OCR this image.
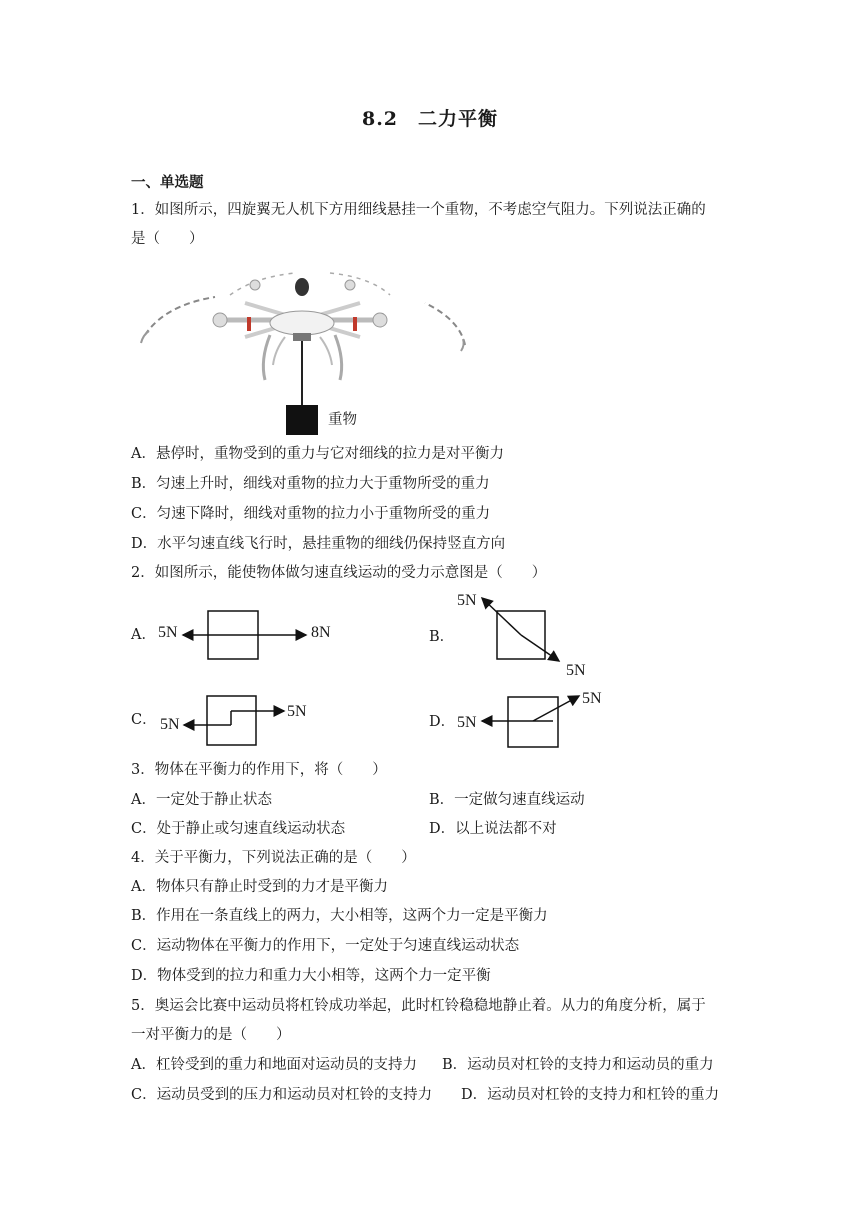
8.2　二力平衡
一、单选题
1．如图所示，四旋翼无人机下方用细线悬挂一个重物，不考虑空气阻力。下列说法正确的
是（　　）
重物
A．悬停时，重物受到的重力与它对细线的拉力是对平衡力
B．匀速上升时，细线对重物的拉力大于重物所受的重力
C．匀速下降时，细线对重物的拉力小于重物所受的重力
D．水平匀速直线飞行时，悬挂重物的细线仍保持竖直方向
2．如图所示，能使物体做匀速直线运动的受力示意图是（　　）
A． 5N	8N	B．
5N
5N
C． 5N
5N
D． 5N
5N
3．物体在平衡力的作用下，将（　　）
A．一定处于静止状态	B．一定做匀速直线运动
C．处于静止或匀速直线运动状态	D．以上说法都不对
4．关于平衡力，下列说法正确的是（　　）
A．物体只有静止时受到的力才是平衡力
B．作用在一条直线上的两力，大小相等，这两个力一定是平衡力
C．运动物体在平衡力的作用下，一定处于匀速直线运动状态
D．物体受到的拉力和重力大小相等，这两个力一定平衡
5．奥运会比赛中运动员将杠铃成功举起，此时杠铃稳稳地静止着。从力的角度分析，属于
一对平衡力的是（　　）
A．杠铃受到的重力和地面对运动员的支持力 B．运动员对杠铃的支持力和运动员的重力
C．运动员受到的压力和运动员对杠铃的支持力 D．运动员对杠铃的支持力和杠铃的重力
